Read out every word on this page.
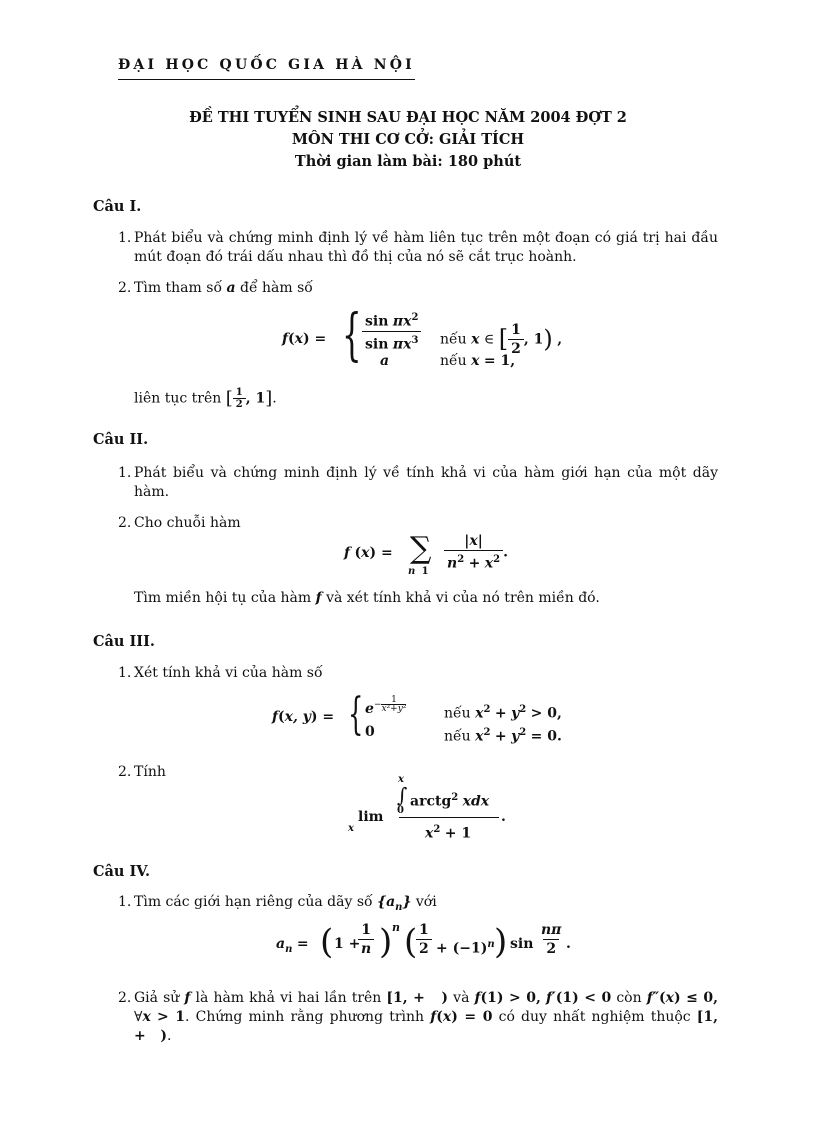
ĐẠI HỌC QUỐC GIA HÀ NỘI
ĐỀ THI TUYỂN SINH SAU ĐẠI HỌC NĂM 2004 ĐỢT 2
MÔN THI CƠ CỞ: GIẢI TÍCH
Thời gian làm bài: 180 phút
Câu I.
1. Phát biểu và chứng minh định lý về hàm liên tục trên một đoạn có giá trị hai đầu mút đoạn đó trái dấu nhau thì đồ thị của nó sẽ cắt trục hoành.
2. Tìm tham số a để hàm số
f(x) = { $\frac{\sin \pi x^2}{\sin \pi x^3}$ nếu x ∈ [ $\frac{1}{2}$ , 1) ,
a	nếu x = 1,
liên tục trên [ $\frac{1}{2}$ , 1].
Câu II.
1. Phát biểu và chứng minh định lý về tính khả vi của hàm giới hạn của một dãy hàm.
2. Cho chuỗi hàm
f (x) = ∑
n $1 \frac{|x|}{n^2 + x^2}$ .
Tìm miền hội tụ của hàm f và xét tính khả vi của nó trên miền đó.
Câu III.
1. Xét tính khả vi của hàm số
f(x, y) = { $e^{- \frac{1}{\text{x²+y²}}}$
nếu $x^2 + y^2 > 0$,
0	nếu $x^2 + y^2 = 0$.
2. Tính	x
∫
0
arctg$^2$ xdx
$x^2 + 1$
.
lim
x
Câu IV.
1. Tìm các giới hạn riêng của dãy số $\{a_n\}$ với
$a_n$ = ( 1 +
$\frac{1}{n}$ ) n (
$\frac{1}{2} + (-1)^n$ ) $\sin \frac{n\pi}{2}$ .
2. Giả sử f là hàm khả vi hai lần trên [1, +   ) và f(1) > 0, f′(1) < 0 còn f″(x) ≤ 0, ∀x > 1. Chứng minh rằng phương trình f(x) = 0 có duy nhất nghiệm thuộc [1, +   ).
